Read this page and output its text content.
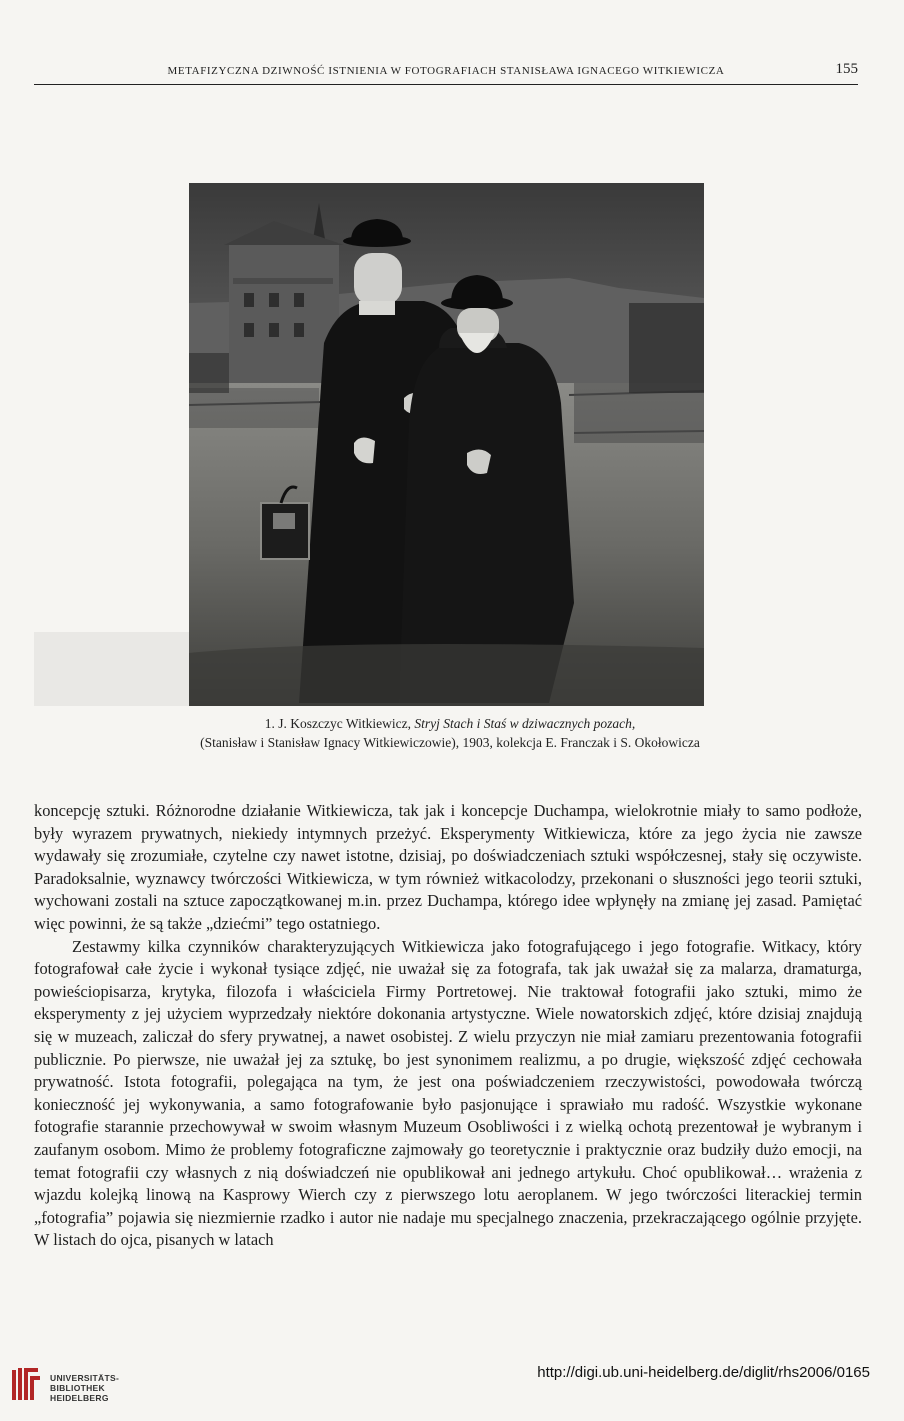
METAFIZYCZNA DZIWNOŚĆ ISTNIENIA W FOTOGRAFIACH STANISŁAWA IGNACEGO WITKIEWICZA	155
1. J. Koszczyc Witkiewicz, Stryj Stach i Staś w dziwacznych pozach,
(Stanisław i Stanisław Ignacy Witkiewiczowie), 1903, kolekcja E. Franczak i S. Okołowicza

koncepcję sztuki. Różnorodne działanie Witkiewicza, tak jak i koncepcje Duchampa, wielokrotnie miały to samo podłoże, były wyrazem prywatnych, niekiedy intymnych przeżyć. Eksperymenty Witkiewicza, które za jego życia nie zawsze wydawały się zrozumiałe, czytelne czy nawet istotne, dzisiaj, po doświadczeniach sztuki współczesnej, stały się oczywiste. Paradoksalnie, wyznawcy twórczości Witkiewicza, w tym również witkacolodzy, przekonani o słuszności jego teorii sztuki, wychowani zostali na sztuce zapoczątkowanej m.in. przez Duchampa, którego idee wpłynęły na zmianę jej zasad. Pamiętać więc powinni, że są także „dziećmi” tego ostatniego.

Zestawmy kilka czynników charakteryzujących Witkiewicza jako fotografującego i jego fotografie. Witkacy, który fotografował całe życie i wykonał tysiące zdjęć, nie uważał się za fotografa, tak jak uważał się za malarza, dramaturga, powieściopisarza, krytyka, filozofa i właściciela Firmy Portretowej. Nie traktował fotografii jako sztuki, mimo że eksperymenty z jej użyciem wyprzedzały niektóre dokonania artystyczne. Wiele nowatorskich zdjęć, które dzisiaj znajdują się w muzeach, zaliczał do sfery prywatnej, a nawet osobistej. Z wielu przyczyn nie miał zamiaru prezentowania fotografii publicznie. Po pierwsze, nie uważał jej za sztukę, bo jest synonimem realizmu, a po drugie, większość zdjęć cechowała prywatność. Istota fotografii, polegająca na tym, że jest ona poświadczeniem rzeczywistości, powodowała twórczą konieczność jej wykonywania, a samo fotografowanie było pasjonujące i sprawiało mu radość. Wszystkie wykonane fotografie starannie przechowywał w swoim własnym Muzeum Osobliwości i z wielką ochotą prezentował je wybranym i zaufanym osobom. Mimo że problemy fotograficzne zajmowały go teoretycznie i praktycznie oraz budziły dużo emocji, na temat fotografii czy własnych z nią doświadczeń nie opublikował ani jednego artykułu. Choć opublikował… wrażenia z wjazdu kolejką linową na Kasprowy Wierch czy z pierwszego lotu aeroplanem. W jego twórczości literackiej termin „fotografia” pojawia się niezmiernie rzadko i autor nie nadaje mu specjalnego znaczenia, przekraczającego ogólnie przyjęte. W listach do ojca, pisanych w latach

UNIVERSITÄTS-
BIBLIOTHEK
HEIDELBERG
http://digi.ub.uni-heidelberg.de/diglit/rhs2006/0165
